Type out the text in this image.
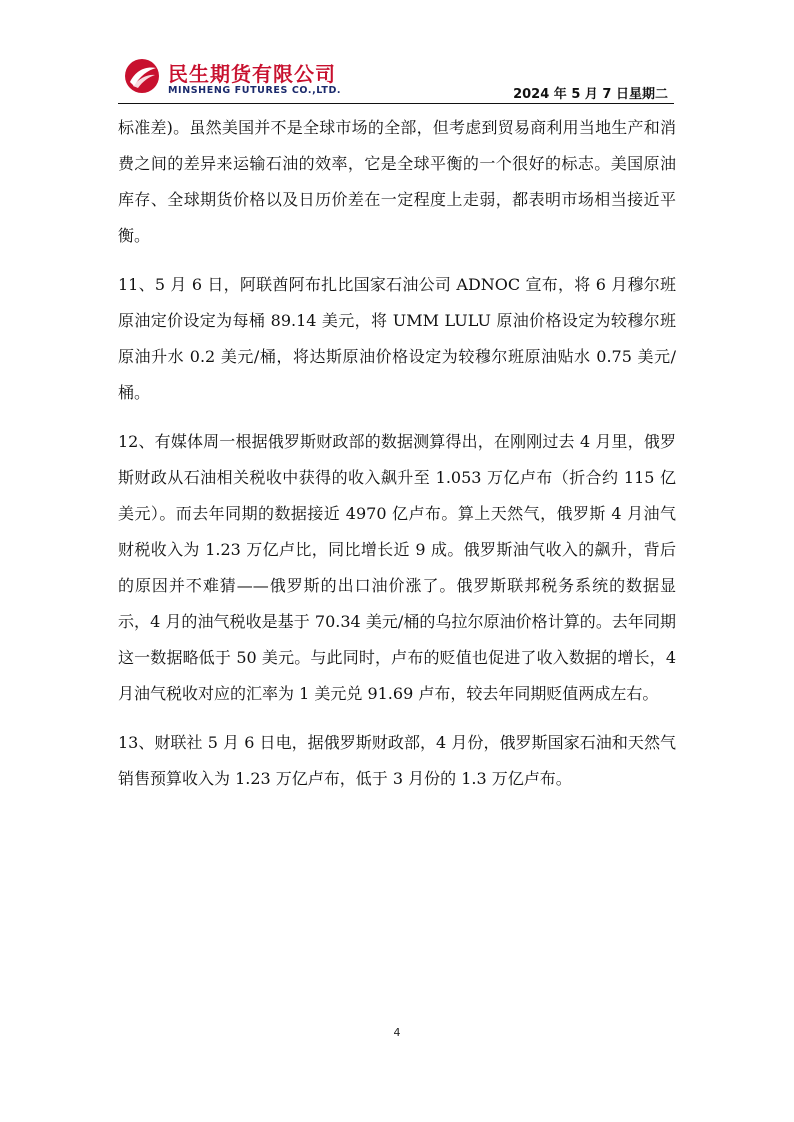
民生期货有限公司
MINSHENG FUTURES CO.,LTD.	2024 年 5 月 7 日星期二

标准差)。虽然美国并不是全球市场的全部，但考虑到贸易商利用当地生产和消费之间的差异来运输石油的效率，它是全球平衡的一个很好的标志。美国原油库存、全球期货价格以及日历价差在一定程度上走弱，都表明市场相当接近平衡。

11、5 月 6 日，阿联酋阿布扎比国家石油公司 ADNOC 宣布，将 6 月穆尔班原油定价设定为每桶 89.14 美元，将 UMM LULU 原油价格设定为较穆尔班原油升水 0.2 美元/桶，将达斯原油价格设定为较穆尔班原油贴水 0.75 美元/桶。

12、有媒体周一根据俄罗斯财政部的数据测算得出，在刚刚过去 4 月里，俄罗斯财政从石油相关税收中获得的收入飙升至 1.053 万亿卢布（折合约 115 亿美元）。而去年同期的数据接近 4970 亿卢布。算上天然气，俄罗斯 4 月油气财税收入为 1.23 万亿卢比，同比增长近 9 成。俄罗斯油气收入的飙升，背后的原因并不难猜——俄罗斯的出口油价涨了。俄罗斯联邦税务系统的数据显示，4 月的油气税收是基于 70.34 美元/桶的乌拉尔原油价格计算的。去年同期这一数据略低于 50 美元。与此同时，卢布的贬值也促进了收入数据的增长，4 月油气税收对应的汇率为 1 美元兑 91.69 卢布，较去年同期贬值两成左右。

13、财联社 5 月 6 日电，据俄罗斯财政部，4 月份，俄罗斯国家石油和天然气销售预算收入为 1.23 万亿卢布，低于 3 月份的 1.3 万亿卢布。

4
